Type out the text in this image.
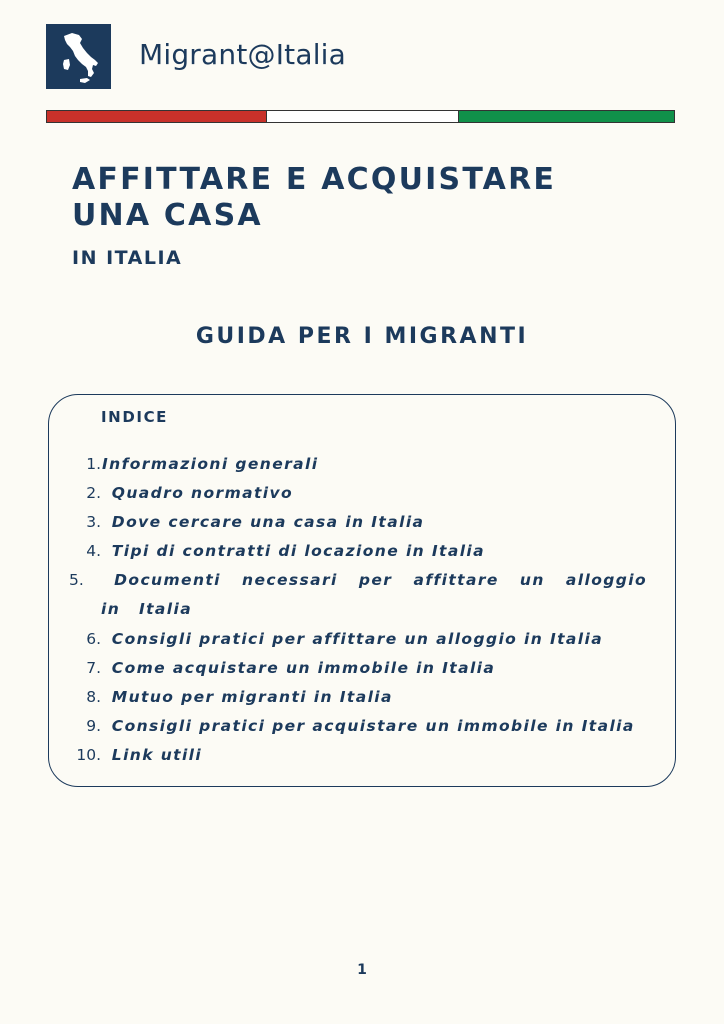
Migrant@Italia
AFFITTARE E ACQUISTARE
UNA CASA
IN ITALIA
GUIDA PER I MIGRANTI
INDICE
1.Informazioni generali
2. Quadro normativo
3. Dove cercare una casa in Italia
4. Tipi di contratti di locazione in Italia
5. Documenti necessari per affittare un alloggio in Italia
6. Consigli pratici per affittare un alloggio in Italia
7. Come acquistare un immobile in Italia
8. Mutuo per migranti in Italia
9. Consigli pratici per acquistare un immobile in Italia
10. Link utili
1
